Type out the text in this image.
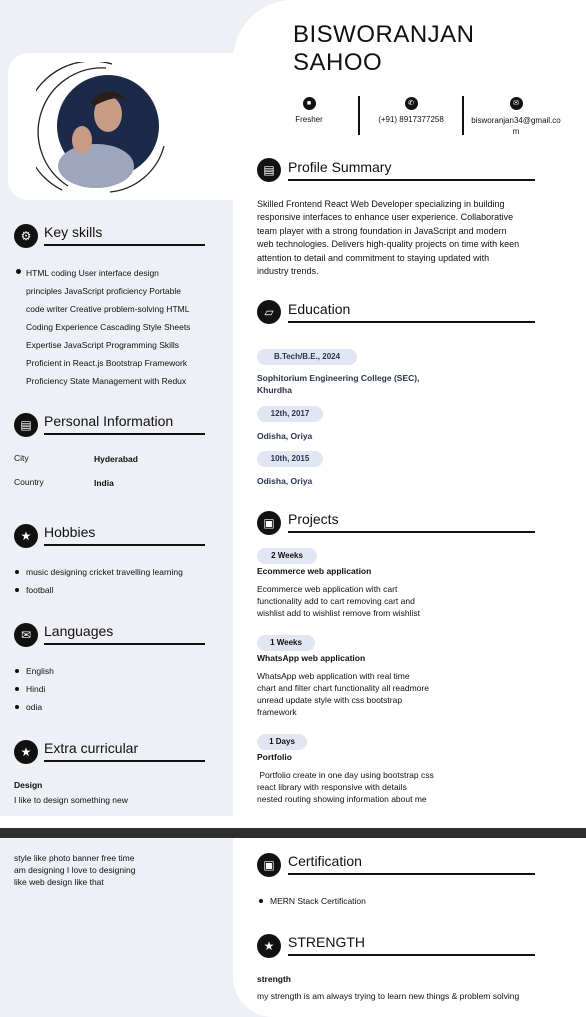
BISWORANJAN
SAHOO
■
Fresher
✆
(+91) 8917377258
✉
bisworanjan34@gmail.com
▤ Profile Summary
Skilled Frontend React Web Developer specializing in building
responsive interfaces to enhance user experience. Collaborative
team player with a strong foundation in JavaScript and modern
web technologies. Delivers high-quality projects on time with keen
attention to detail and commitment to staying updated with
industry trends.
▱	Education
B.Tech/B.E., 2024
Sophitorium Engineering College (SEC),
Khurdha
12th, 2017
Odisha, Oriya
10th, 2015
Odisha, Oriya
▣ Projects
2 Weeks
Ecommerce web application
Ecommerce web application with cart
functionality add to cart removing cart and
wishlist add to wishlist remove from wishlist
1 Weeks
WhatsApp web application
WhatsApp web application with real time
chart and filter chart functionality all readmore
unread update style with css bootstrap
framework
1 Days
Portfolio
Portfolio create in one day using bootstrap css
react library with responsive with details
nested routing showing information about me
⚙ Key skills
HTML coding User interface design
principles JavaScript proficiency Portable
code writer Creative problem-solving HTML
Coding Experience Cascading Style Sheets
Expertise JavaScript Programming Skills
Proficient in React.js Bootstrap Framework
Proficiency State Management with Redux
▤ Personal Information
City	Hyderabad
Country	India
★ Hobbies
music designing cricket travelling learning
football
✉ Languages
English
Hindi
odia
★ Extra curricular
Design
I like to design something new
style like photo banner free time
am designing I love to designing
like web design like that
▣ Certification
MERN Stack Certification
★ STRENGTH
strength
my strength is am always trying to learn new things & problem solving
